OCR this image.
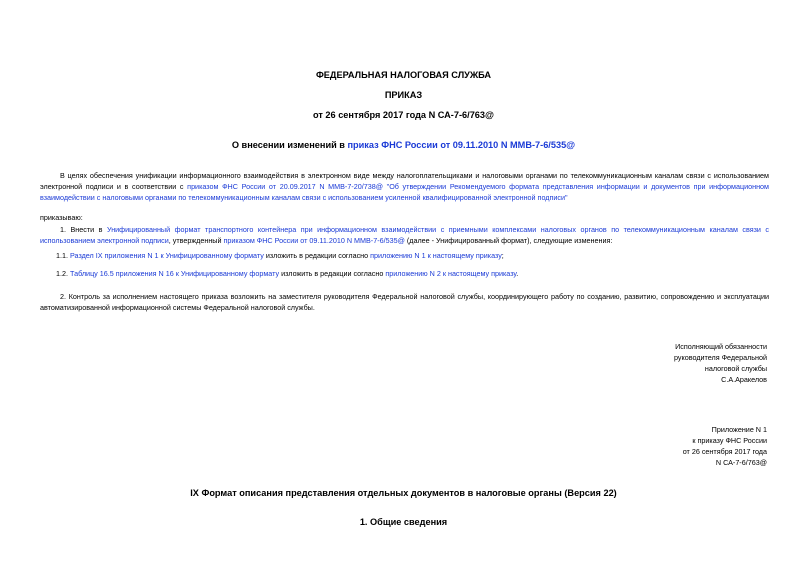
ФЕДЕРАЛЬНАЯ НАЛОГОВАЯ СЛУЖБА
ПРИКАЗ
от 26 сентября 2017 года N СА-7-6/763@
О внесении изменений в приказ ФНС России от 09.11.2010 N ММВ-7-6/535@
В целях обеспечения унификации информационного взаимодействия в электронном виде между налогоплательщиками и налоговыми органами по телекоммуникационным каналам связи с использованием электронной подписи и в соответствии с приказом ФНС России от 20.09.2017 N ММВ-7-20/738@ "Об утверждении Рекомендуемого формата представления информации и документов при информационном взаимодействии с налоговыми органами по телекоммуникационным каналам связи с использованием усиленной квалифицированной электронной подписи"
приказываю:
1. Внести в Унифицированный формат транспортного контейнера при информационном взаимодействии с приемными комплексами налоговых органов по телекоммуникационным каналам связи с использованием электронной подписи, утвержденный приказом ФНС России от 09.11.2010 N ММВ-7-6/535@ (далее - Унифицированный формат), следующие изменения:
1.1. Раздел IX приложения N 1 к Унифицированному формату изложить в редакции согласно приложению N 1 к настоящему приказу;
1.2. Таблицу 16.5 приложения N 16 к Унифицированному формату изложить в редакции согласно приложению N 2 к настоящему приказу.
2. Контроль за исполнением настоящего приказа возложить на заместителя руководителя Федеральной налоговой службы, координирующего работу по созданию, развитию, сопровождению и эксплуатации автоматизированной информационной системы Федеральной налоговой службы.
Исполняющий обязанности
руководителя Федеральной
налоговой службы
С.А.Аракелов
Приложение N 1
к приказу ФНС России
от 26 сентября 2017 года
N СА-7-6/763@
IX Формат описания представления отдельных документов в налоговые органы (Версия 22)
1. Общие сведения
